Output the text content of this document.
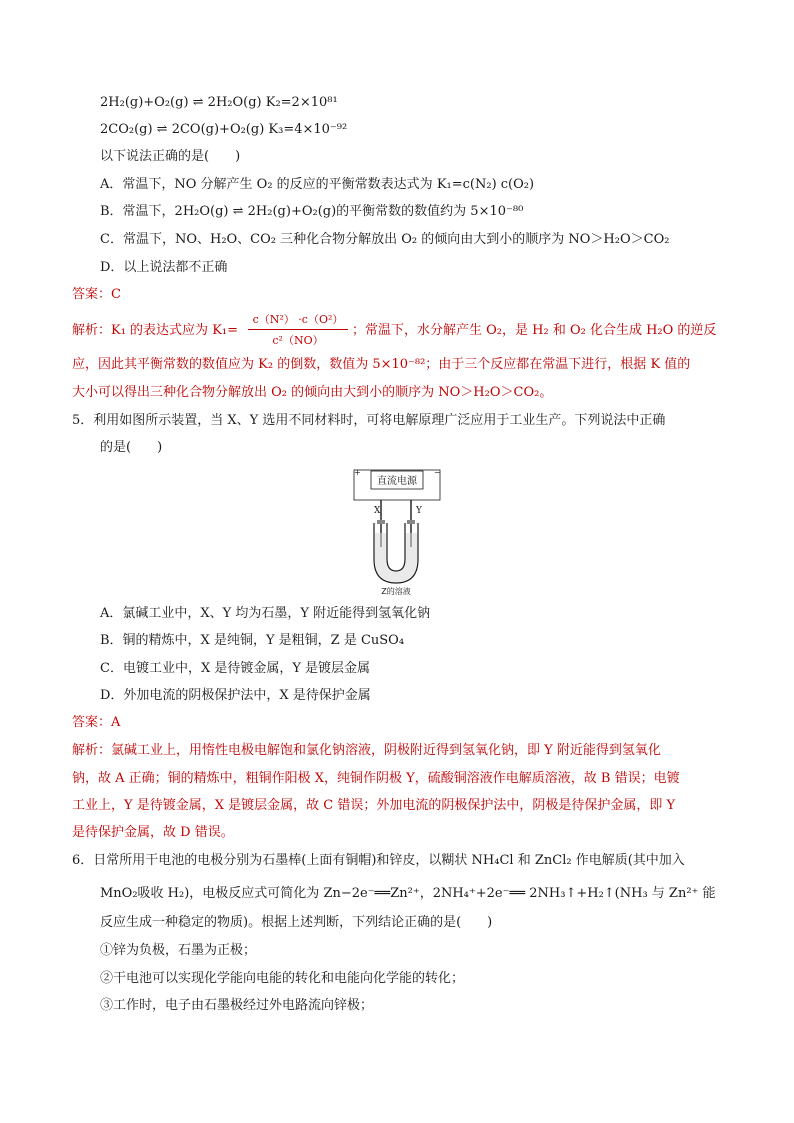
2H₂(g)+O₂(g) ⇌ 2H₂O(g) K₂=2×10⁸¹
2CO₂(g) ⇌ 2CO(g)+O₂(g) K₃=4×10⁻⁹²
以下说法正确的是(　　)
A．常温下，NO 分解产生 O₂ 的反应的平衡常数表达式为 K₁=c(N₂) c(O₂)
B．常温下，2H₂O(g) ⇌ 2H₂(g)+O₂(g)的平衡常数的数值约为 5×10⁻⁸⁰
C．常温下，NO、H₂O、CO₂ 三种化合物分解放出 O₂ 的倾向由大到小的顺序为 NO＞H₂O＞CO₂
D．以上说法都不正确
答案：C
解析：K₁ 的表达式应为 K₁=
c（N²） ·c（O²）
c²（NO）
；常温下，水分解产生 O₂，是 H₂ 和 O₂ 化合生成 H₂O 的逆反
应，因此其平衡常数的数值应为 K₂ 的倒数，数值为 5×10⁻⁸²；由于三个反应都在常温下进行，根据 K 值的
大小可以得出三种化合物分解放出 O₂ 的倾向由大到小的顺序为 NO＞H₂O＞CO₂。
5．利用如图所示装置，当 X、Y 选用不同材料时，可将电解原理广泛应用于工业生产。下列说法中正确
的是(　　)
+	−
直流电源
X	Y
Z的溶液
A．氯碱工业中，X、Y 均为石墨，Y 附近能得到氢氧化钠
B．铜的精炼中，X 是纯铜，Y 是粗铜，Z 是 CuSO₄
C．电镀工业中，X 是待镀金属，Y 是镀层金属
D．外加电流的阴极保护法中，X 是待保护金属
答案：A
解析：氯碱工业上，用惰性电极电解饱和氯化钠溶液，阴极附近得到氢氧化钠，即 Y 附近能得到氢氧化
钠，故 A 正确；铜的精炼中，粗铜作阳极 X，纯铜作阴极 Y，硫酸铜溶液作电解质溶液，故 B 错误；电镀
工业上，Y 是待镀金属，X 是镀层金属，故 C 错误；外加电流的阴极保护法中，阴极是待保护金属，即 Y
是待保护金属，故 D 错误。
6．日常所用干电池的电极分别为石墨棒(上面有铜帽)和锌皮，以糊状 NH₄Cl 和 ZnCl₂ 作电解质(其中加入
MnO₂吸收 H₂)，电极反应式可简化为 Zn−2e⁻══Zn²⁺，2NH₄⁺+2e⁻══ 2NH₃↑+H₂↑(NH₃ 与 Zn²⁺ 能
反应生成一种稳定的物质)。根据上述判断，下列结论正确的是(　　)
①锌为负极，石墨为正极；
②干电池可以实现化学能向电能的转化和电能向化学能的转化；
③工作时，电子由石墨极经过外电路流向锌极；
